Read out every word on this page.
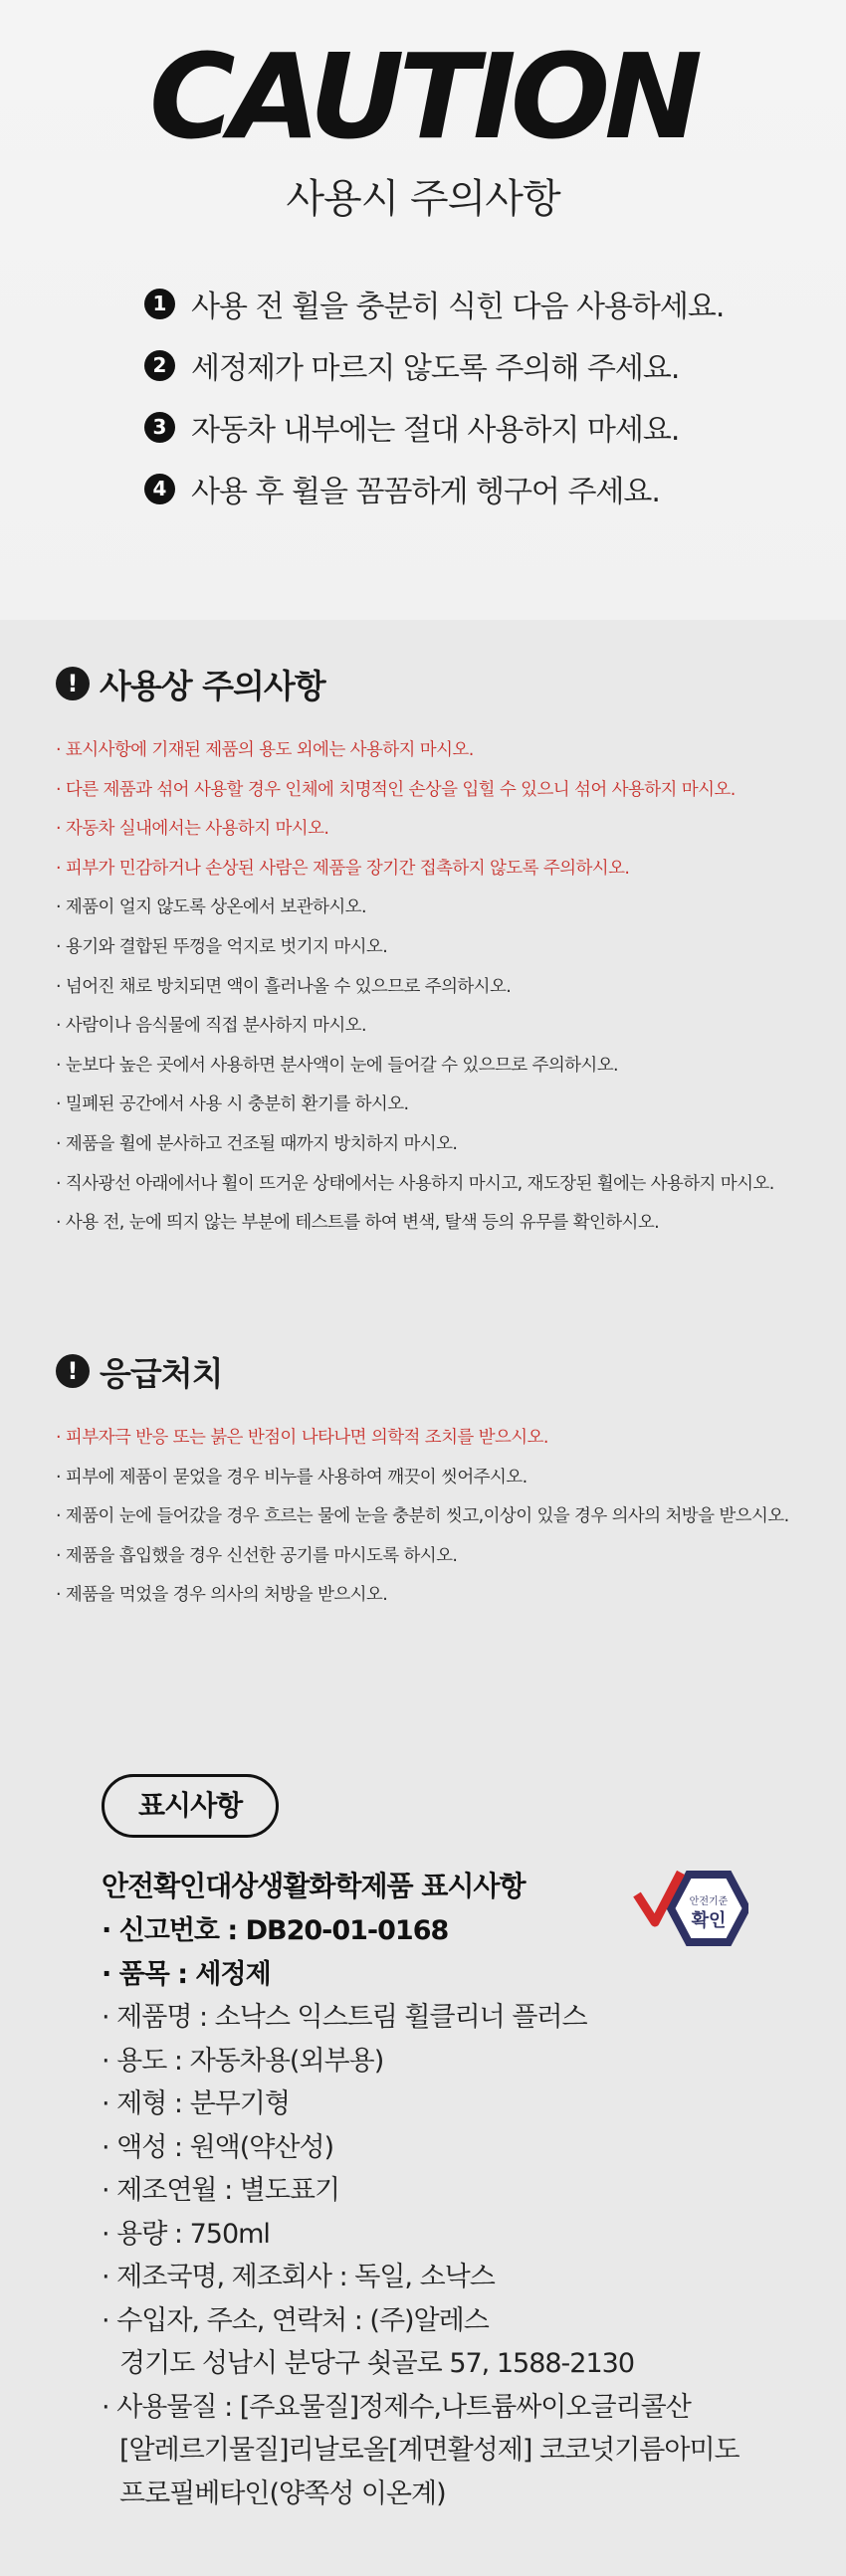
CAUTION
사용시 주의사항
1 사용 전 휠을 충분히 식힌 다음 사용하세요.
2 세정제가 마르지 않도록 주의해 주세요.
3 자동차 내부에는 절대 사용하지 마세요.
4 사용 후 휠을 꼼꼼하게 헹구어 주세요.
! 사용상 주의사항
· 표시사항에 기재된 제품의 용도 외에는 사용하지 마시오.
· 다른 제품과 섞어 사용할 경우 인체에 치명적인 손상을 입힐 수 있으니 섞어 사용하지 마시오.
· 자동차 실내에서는 사용하지 마시오.
· 피부가 민감하거나 손상된 사람은 제품을 장기간 접촉하지 않도록 주의하시오.
· 제품이 얼지 않도록 상온에서 보관하시오.
· 용기와 결합된 뚜껑을 억지로 벗기지 마시오.
· 넘어진 채로 방치되면 액이 흘러나올 수 있으므로 주의하시오.
· 사람이나 음식물에 직접 분사하지 마시오.
· 눈보다 높은 곳에서 사용하면 분사액이 눈에 들어갈 수 있으므로 주의하시오.
· 밀폐된 공간에서 사용 시 충분히 환기를 하시오.
· 제품을 휠에 분사하고 건조될 때까지 방치하지 마시오.
· 직사광선 아래에서나 휠이 뜨거운 상태에서는 사용하지 마시고, 재도장된 휠에는 사용하지 마시오.
· 사용 전, 눈에 띄지 않는 부분에 테스트를 하여 변색, 탈색 등의 유무를 확인하시오.
! 응급처치
· 피부자극 반응 또는 붉은 반점이 나타나면 의학적 조치를 받으시오.
· 피부에 제품이 묻었을 경우 비누를 사용하여 깨끗이 씻어주시오.
· 제품이 눈에 들어갔을 경우 흐르는 물에 눈을 충분히 씻고,이상이 있을 경우 의사의 처방을 받으시오.
· 제품을 흡입했을 경우 신선한 공기를 마시도록 하시오.
· 제품을 먹었을 경우 의사의 처방을 받으시오.
표시사항
안전확인대상생활화학제품 표시사항
· 신고번호 : DB20-01-0168
· 품목 : 세정제
· 제품명 : 소낙스 익스트림 휠클리너 플러스
· 용도 : 자동차용(외부용)
· 제형 : 분무기형
· 액성 : 원액(약산성)
· 제조연월 : 별도표기
· 용량 : 750ml
· 제조국명, 제조회사 : 독일, 소낙스
· 수입자, 주소, 연락처 : (주)알레스
경기도 성남시 분당구 쇳골로 57, 1588-2130
· 사용물질 : [주요물질]정제수,나트륨싸이오글리콜산
[알레르기물질]리날로올[계면활성제] 코코넛기름아미도
프로필베타인(양쪽성 이온계)
안전기준
확인
